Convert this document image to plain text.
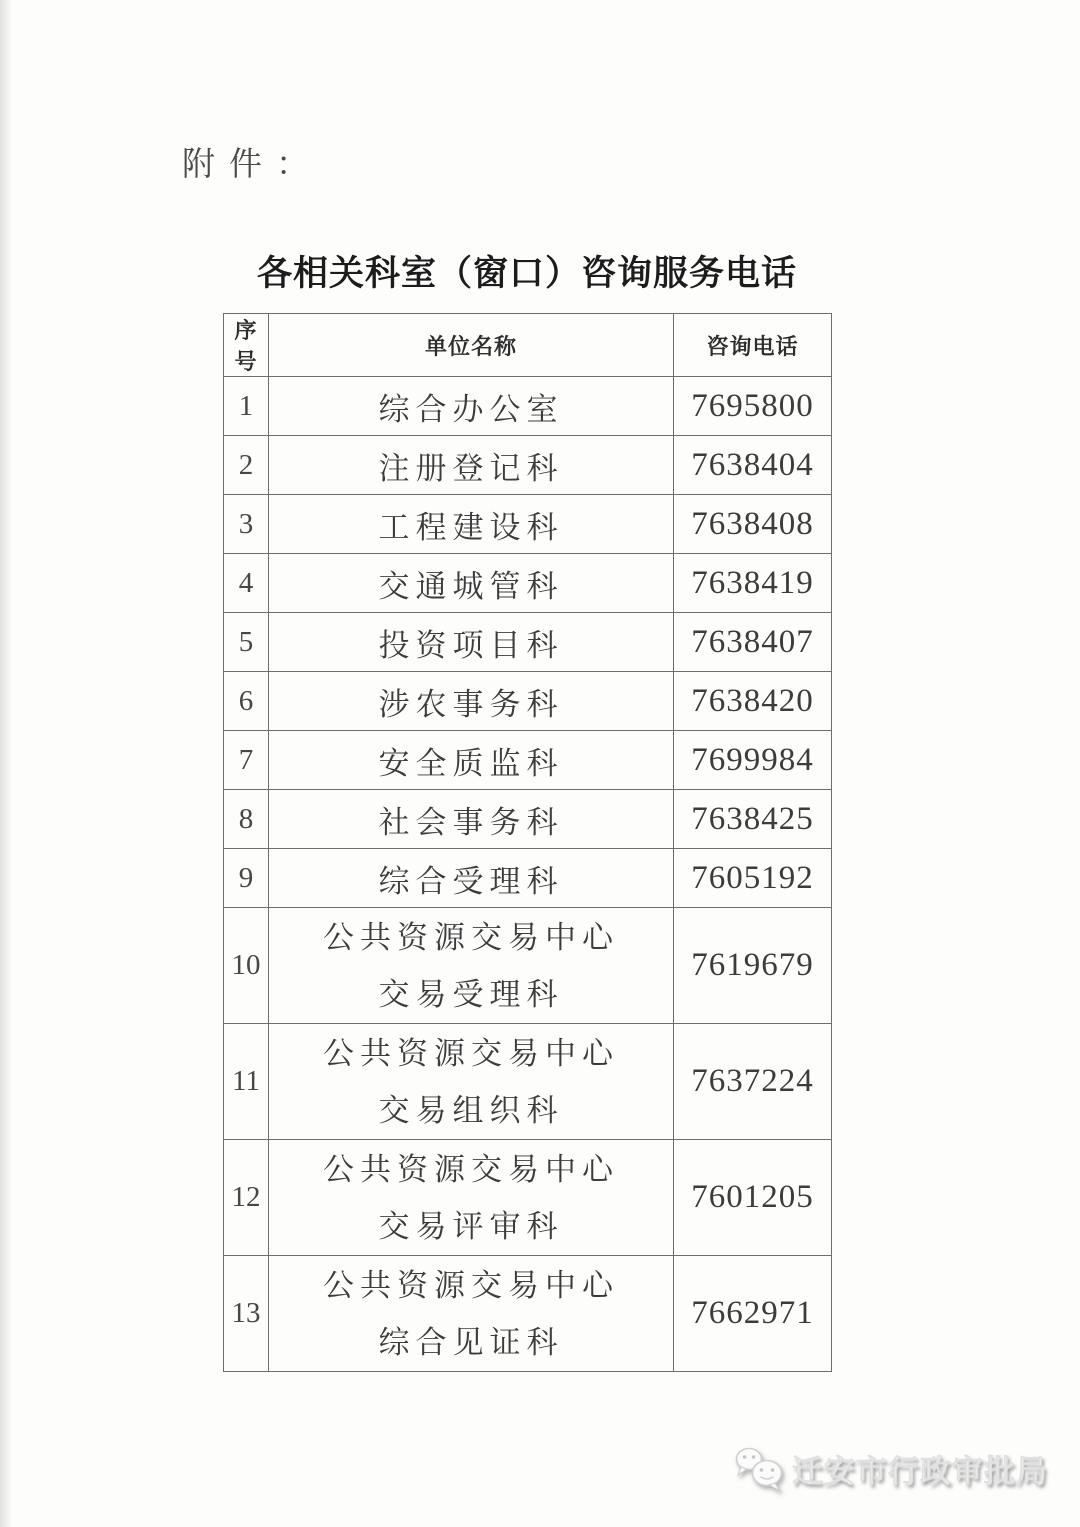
附件：
各相关科室（窗口）咨询服务电话
序号	单位名称	咨询电话
1	综合办公室	7695800
2	注册登记科	7638404
3	工程建设科	7638408
4	交通城管科	7638419
5	投资项目科	7638407
6	涉农事务科	7638420
7	安全质监科	7699984
8	社会事务科	7638425
9	综合受理科	7605192
10	公共资源交易中心
交易受理科	7619679
11	公共资源交易中心
交易组织科	7637224
12	公共资源交易中心
交易评审科	7601205
13	公共资源交易中心
综合见证科	7662971
迁安市行政审批局
